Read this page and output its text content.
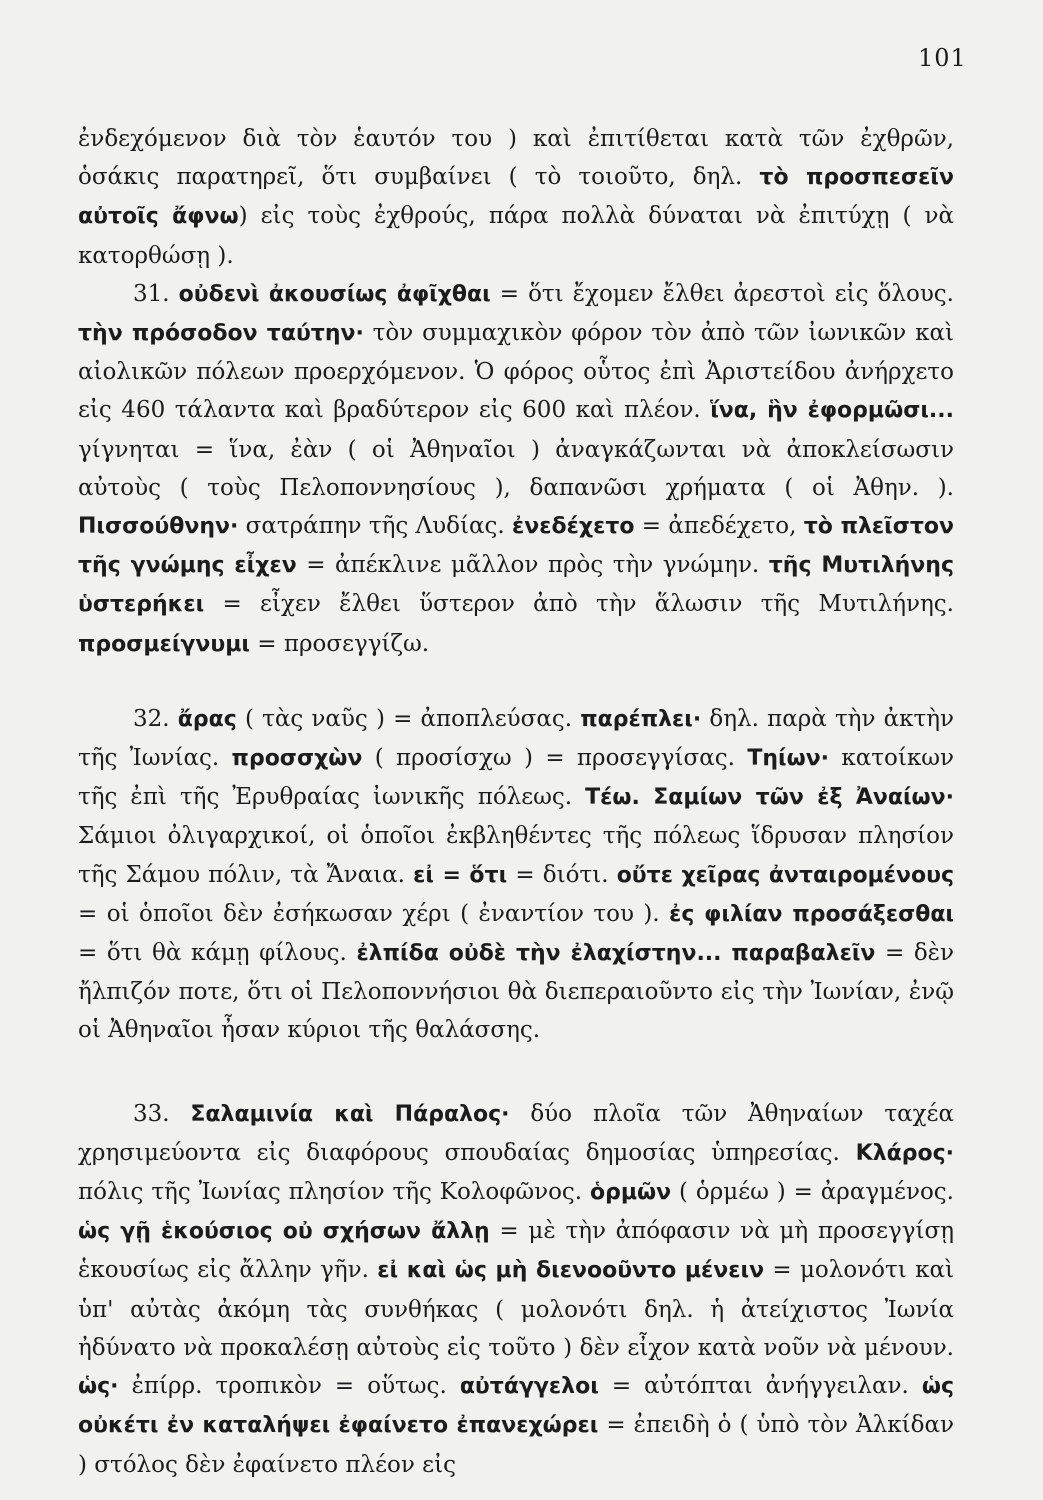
101

ἐνδεχόμενον διὰ τὸν ἑαυτόν του ) καὶ ἐπιτίθεται κατὰ τῶν ἐχθρῶν, ὁσάκις παρατηρεῖ, ὅτι συμβαίνει ( τὸ τοιοῦτο, δηλ. τὸ προσπεσεῖν αὐτοῖς ἄφνω) εἰς τοὺς ἐχθρούς, πάρα πολλὰ δύναται νὰ ἐπιτύχῃ ( νὰ κατορθώσῃ ).

31. οὐδενὶ ἀκουσίως ἀφῖχθαι = ὅτι ἔχομεν ἔλθει ἀρεστοὶ εἰς ὅλους. τὴν πρόσοδον ταύτην· τὸν συμμαχικὸν φόρον τὸν ἀπὸ τῶν ἰωνικῶν καὶ αἰολικῶν πόλεων προερχόμενον. Ὁ φόρος οὗτος ἐπὶ Ἀριστείδου ἀνήρχετο εἰς 460 τάλαντα καὶ βραδύτερον εἰς 600 καὶ πλέον. ἵνα, ἣν ἐφορμῶσι... γίγνηται = ἵνα, ἐὰν ( οἱ Ἀθηναῖοι ) ἀναγκάζωνται νὰ ἀποκλείσωσιν αὐτοὺς ( τοὺς Πελοποννησίους ), δαπανῶσι χρήματα ( οἱ Ἀθην. ). Πισσούθνην· σατράπην τῆς Λυδίας. ἐνεδέχετο = ἀπεδέχετο, τὸ πλεῖστον τῆς γνώμης εἶχεν = ἀπέκλινε μᾶλλον πρὸς τὴν γνώμην. τῆς Μυτιλήνης ὑστερήκει = εἶχεν ἔλθει ὕστερον ἀπὸ τὴν ἅλωσιν τῆς Μυτιλήνης. προσμείγνυμι = προσεγγίζω.

32. ἄρας ( τὰς ναῦς ) = ἀποπλεύσας. παρέπλει· δηλ. παρὰ τὴν ἀκτὴν τῆς Ἰωνίας. προσσχὼν ( προσίσχω ) = προσεγγίσας. Τηίων· κατοίκων τῆς ἐπὶ τῆς Ἐρυθραίας ἰωνικῆς πόλεως. Τέω. Σαμίων τῶν ἐξ Ἀναίων· Σάμιοι ὀλιγαρχικοί, οἱ ὁποῖοι ἐκβληθέντες τῆς πόλεως ἵδρυσαν πλησίον τῆς Σάμου πόλιν, τὰ Ἄναια. εἰ = ὅτι = διότι. οὔτε χεῖρας ἀνταιρομένους = οἱ ὁποῖοι δὲν ἐσήκωσαν χέρι ( ἐναντίον του ). ἐς φιλίαν προσάξεσθαι = ὅτι θὰ κάμῃ φίλους. ἐλπίδα οὐδὲ τὴν ἐλαχίστην... παραβαλεῖν = δὲν ἤλπιζόν ποτε, ὅτι οἱ Πελοποννήσιοι θὰ διεπεραιοῦντο εἰς τὴν Ἰωνίαν, ἐνῷ οἱ Ἀθηναῖοι ἦσαν κύριοι τῆς θαλάσσης.

33. Σαλαμινία καὶ Πάραλος· δύο πλοῖα τῶν Ἀθηναίων ταχέα χρησιμεύοντα εἰς διαφόρους σπουδαίας δημοσίας ὑπηρεσίας. Κλάρος· πόλις τῆς Ἰωνίας πλησίον τῆς Κολοφῶνος. ὁρμῶν ( ὁρμέω ) = ἀραγμένος. ὡς γῇ ἑκούσιος οὐ σχήσων ἄλλῃ = μὲ τὴν ἀπόφασιν νὰ μὴ προσεγγίσῃ ἑκουσίως εἰς ἄλλην γῆν. εἰ καὶ ὡς μὴ διενοοῦντο μένειν = μολονότι καὶ ὑπ' αὐτὰς ἀκόμη τὰς συνθήκας ( μολονότι δηλ. ἡ ἀτείχιστος Ἰωνία ἠδύνατο νὰ προκαλέσῃ αὐτοὺς εἰς τοῦτο ) δὲν εἶχον κατὰ νοῦν νὰ μένουν. ὡς· ἐπίρρ. τροπικὸν = οὕτως. αὐτάγγελοι = αὐτόπται ἀνήγγειλαν. ὡς οὐκέτι ἐν καταλήψει ἐφαίνετο ἐπανεχώρει = ἐπειδὴ ὁ ( ὑπὸ τὸν Ἀλκίδαν ) στόλος δὲν ἐφαίνετο πλέον εἰς
